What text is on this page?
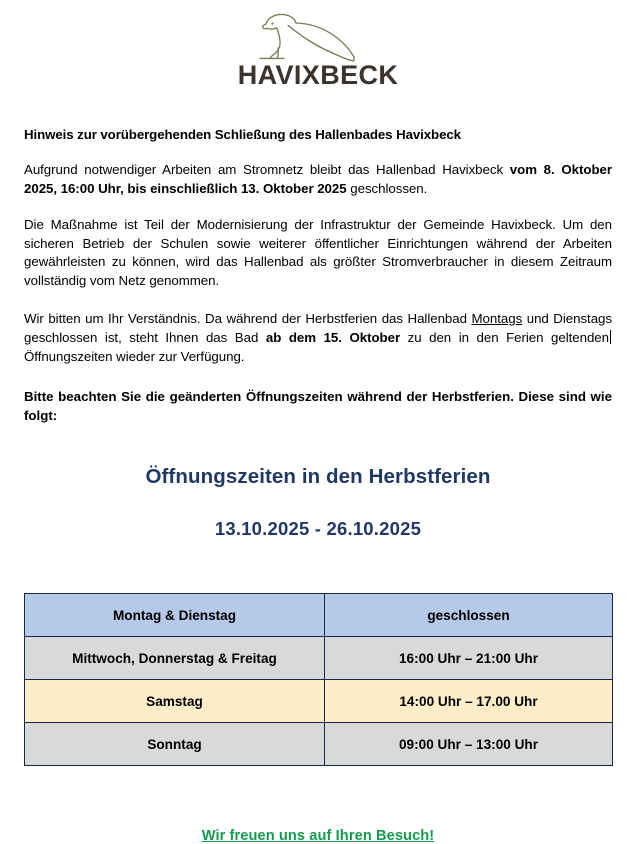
HAVIXBECK
Hinweis zur vorübergehenden Schließung des Hallenbades Havixbeck

Aufgrund notwendiger Arbeiten am Stromnetz bleibt das Hallenbad Havixbeck vom 8. Oktober 2025, 16:00 Uhr, bis einschließlich 13. Oktober 2025 geschlossen.

Die Maßnahme ist Teil der Modernisierung der Infrastruktur der Gemeinde Havixbeck. Um den sicheren Betrieb der Schulen sowie weiterer öffentlicher Einrichtungen während der Arbeiten gewährleisten zu können, wird das Hallenbad als größter Stromverbraucher in diesem Zeitraum vollständig vom Netz genommen.

Wir bitten um Ihr Verständnis. Da während der Herbstferien das Hallenbad Montags und Dienstags geschlossen ist, steht Ihnen das Bad ab dem 15. Oktober zu den in den Ferien geltendenÖffnungszeiten wieder zur Verfügung.

Bitte beachten Sie die geänderten Öffnungszeiten während der Herbstferien. Diese sind wie folgt:

Öffnungszeiten in den Herbstferien
13.10.2025 - 26.10.2025
Montag & Dienstag	geschlossen
Mittwoch, Donnerstag & Freitag	16:00 Uhr – 21:00 Uhr
Samstag	14:00 Uhr – 17.00 Uhr
Sonntag	09:00 Uhr – 13:00 Uhr
Wir freuen uns auf Ihren Besuch!
